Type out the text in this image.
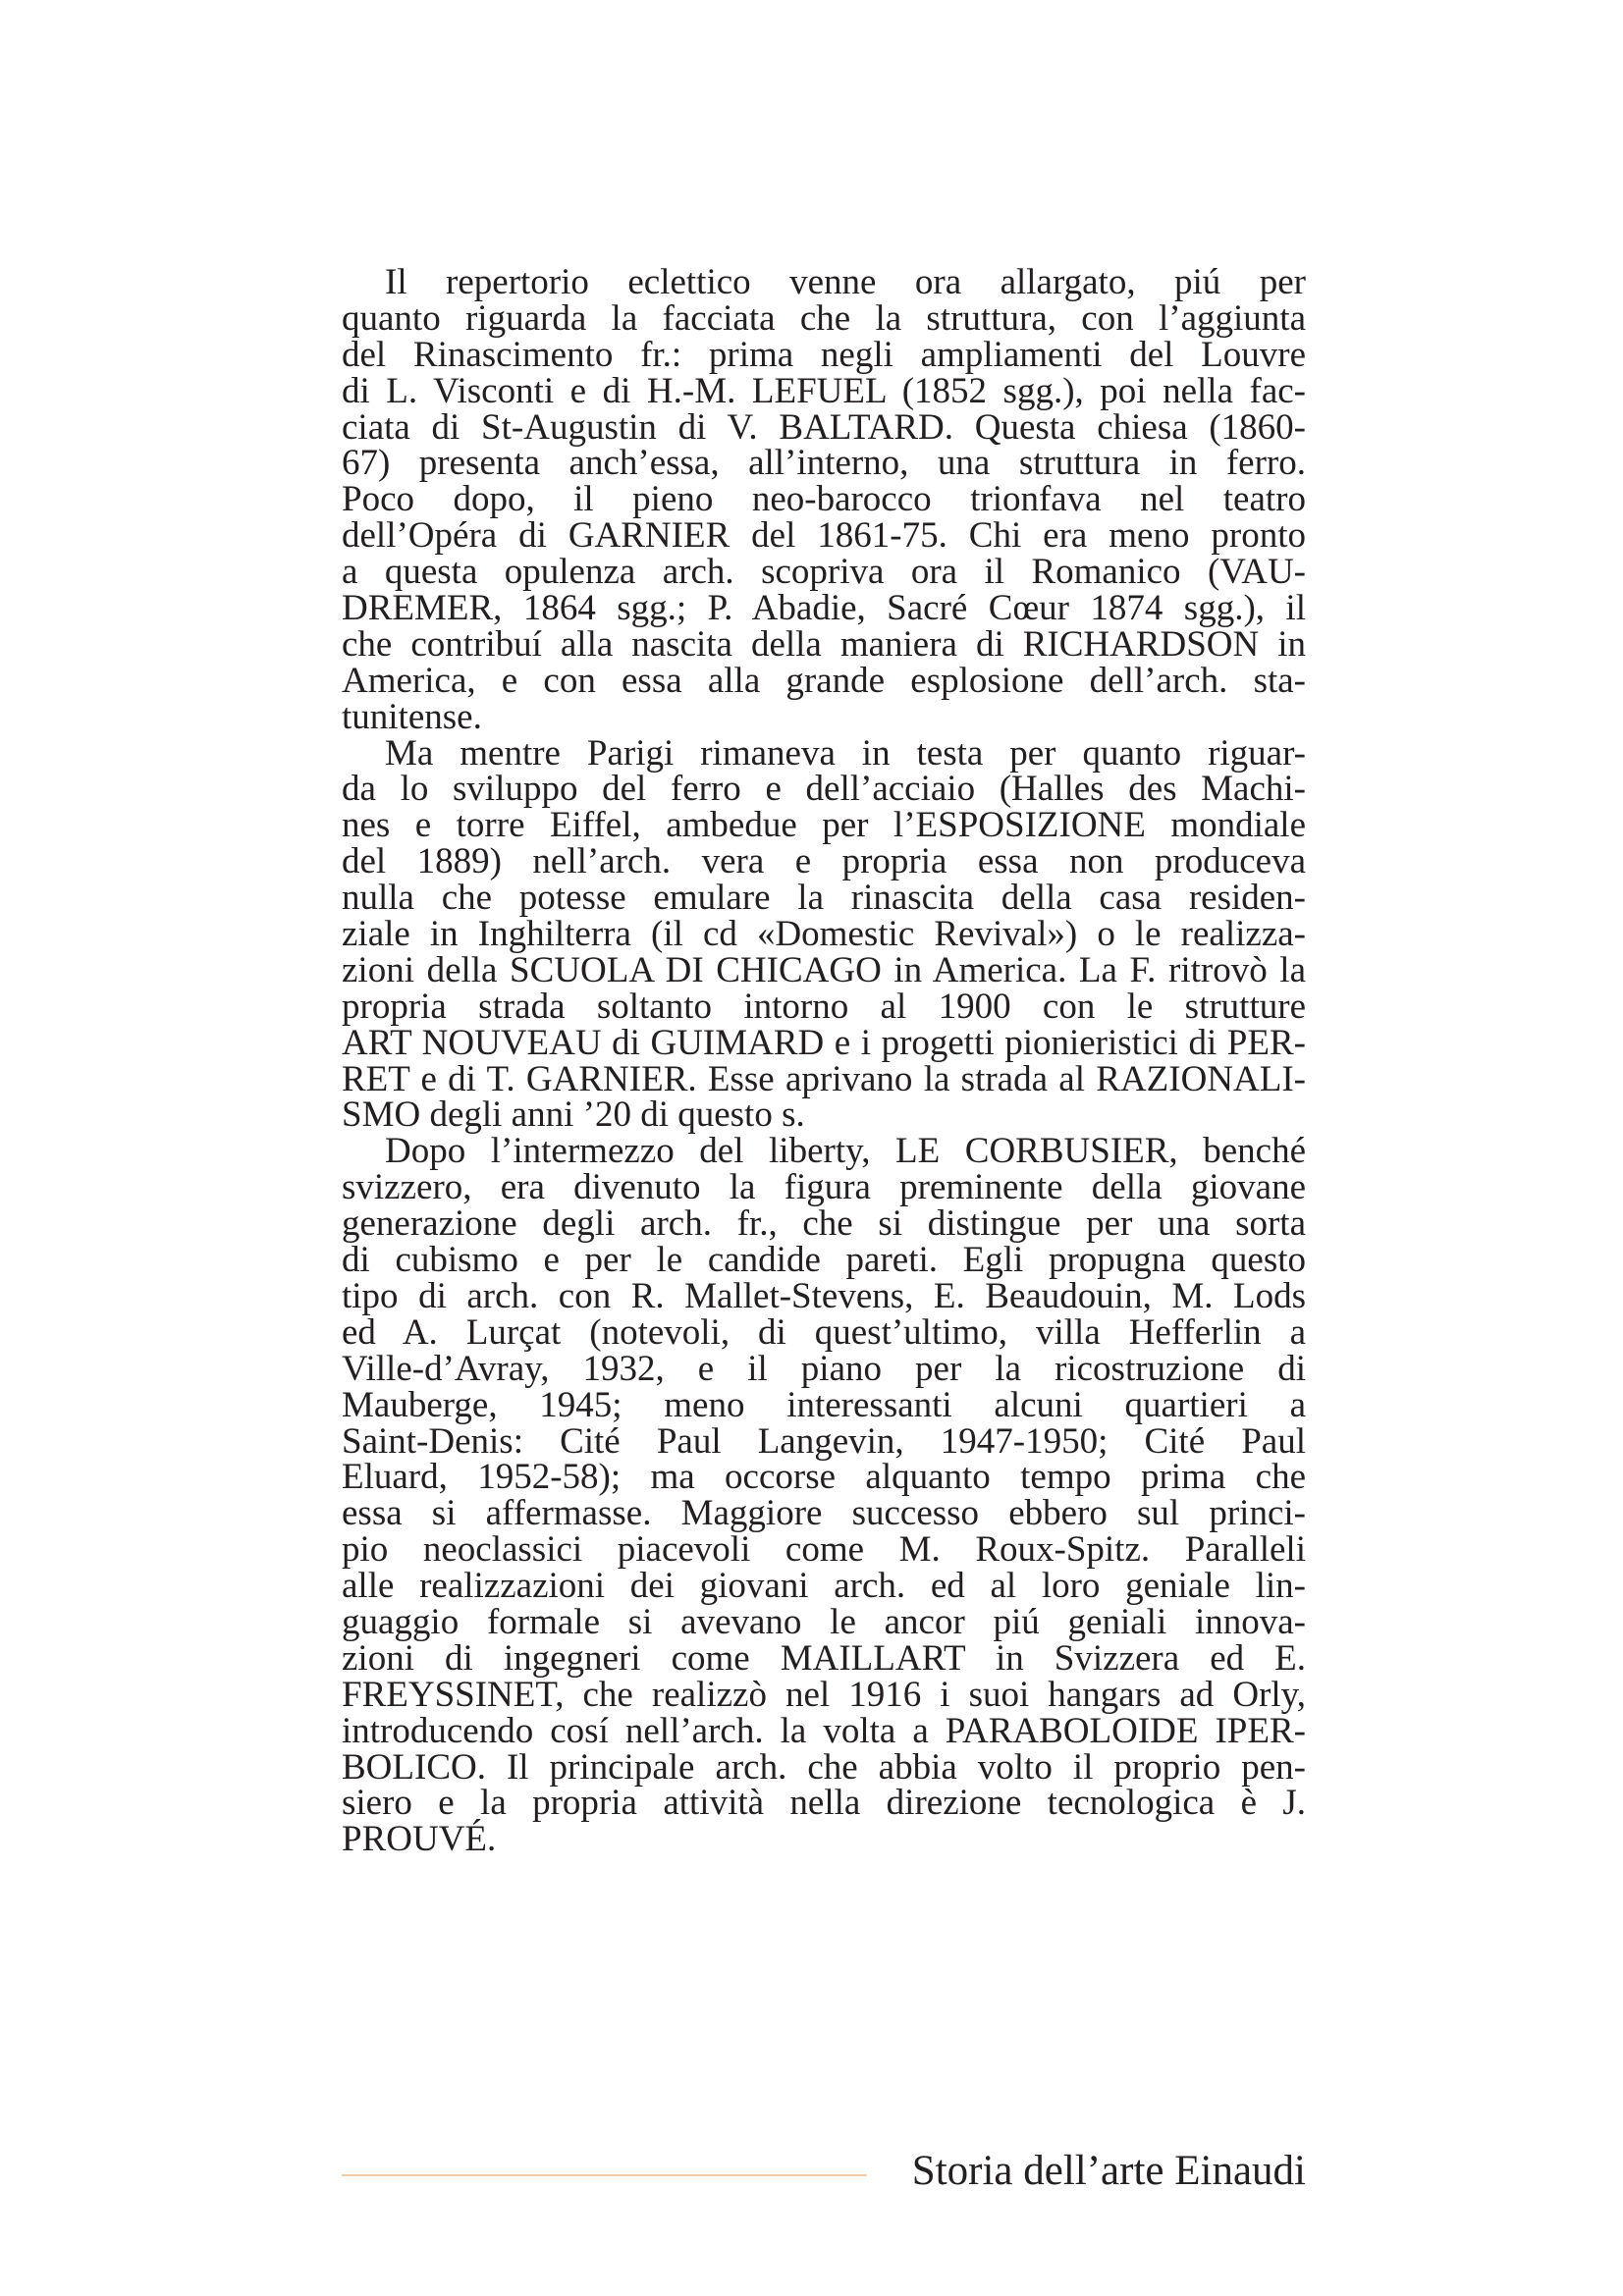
Il repertorio eclettico venne ora allargato, piú per
quanto riguarda la facciata che la struttura, con l’aggiunta
del Rinascimento fr.: prima negli ampliamenti del Louvre
di L. Visconti e di H.-M. LEFUEL (1852 sgg.), poi nella fac-
ciata di St-Augustin di V. BALTARD. Questa chiesa (1860-
67) presenta anch’essa, all’interno, una struttura in ferro.
Poco dopo, il pieno neo-barocco trionfava nel teatro
dell’Opéra di GARNIER del 1861-75. Chi era meno pronto
a questa opulenza arch. scopriva ora il Romanico (VAU-
DREMER, 1864 sgg.; P. Abadie, Sacré Cœur 1874 sgg.), il
che contribuí alla nascita della maniera di RICHARDSON in
America, e con essa alla grande esplosione dell’arch. sta-
tunitense.
Ma mentre Parigi rimaneva in testa per quanto riguar-
da lo sviluppo del ferro e dell’acciaio (Halles des Machi-
nes e torre Eiffel, ambedue per l’ESPOSIZIONE mondiale
del 1889) nell’arch. vera e propria essa non produceva
nulla che potesse emulare la rinascita della casa residen-
ziale in Inghilterra (il cd «Domestic Revival») o le realizza-
zioni della SCUOLA DI CHICAGO in America. La F. ritrovò la
propria strada soltanto intorno al 1900 con le strutture
ART NOUVEAU di GUIMARD e i progetti pionieristici di PER-
RET e di T. GARNIER. Esse aprivano la strada al RAZIONALI-
SMO degli anni ’20 di questo s.
Dopo l’intermezzo del liberty, LE CORBUSIER, benché
svizzero, era divenuto la figura preminente della giovane
generazione degli arch. fr., che si distingue per una sorta
di cubismo e per le candide pareti. Egli propugna questo
tipo di arch. con R. Mallet-Stevens, E. Beaudouin, M. Lods
ed A. Lurçat (notevoli, di quest’ultimo, villa Hefferlin a
Ville-d’Avray, 1932, e il piano per la ricostruzione di
Mauberge, 1945; meno interessanti alcuni quartieri a
Saint-Denis: Cité Paul Langevin, 1947-1950; Cité Paul
Eluard, 1952-58); ma occorse alquanto tempo prima che
essa si affermasse. Maggiore successo ebbero sul princi-
pio neoclassici piacevoli come M. Roux-Spitz. Paralleli
alle realizzazioni dei giovani arch. ed al loro geniale lin-
guaggio formale si avevano le ancor piú geniali innova-
zioni di ingegneri come MAILLART in Svizzera ed E.
FREYSSINET, che realizzò nel 1916 i suoi hangars ad Orly,
introducendo cosí nell’arch. la volta a PARABOLOIDE IPER-
BOLICO. Il principale arch. che abbia volto il proprio pen-
siero e la propria attività nella direzione tecnologica è J.
PROUVÉ.
Storia dell’arte Einaudi
